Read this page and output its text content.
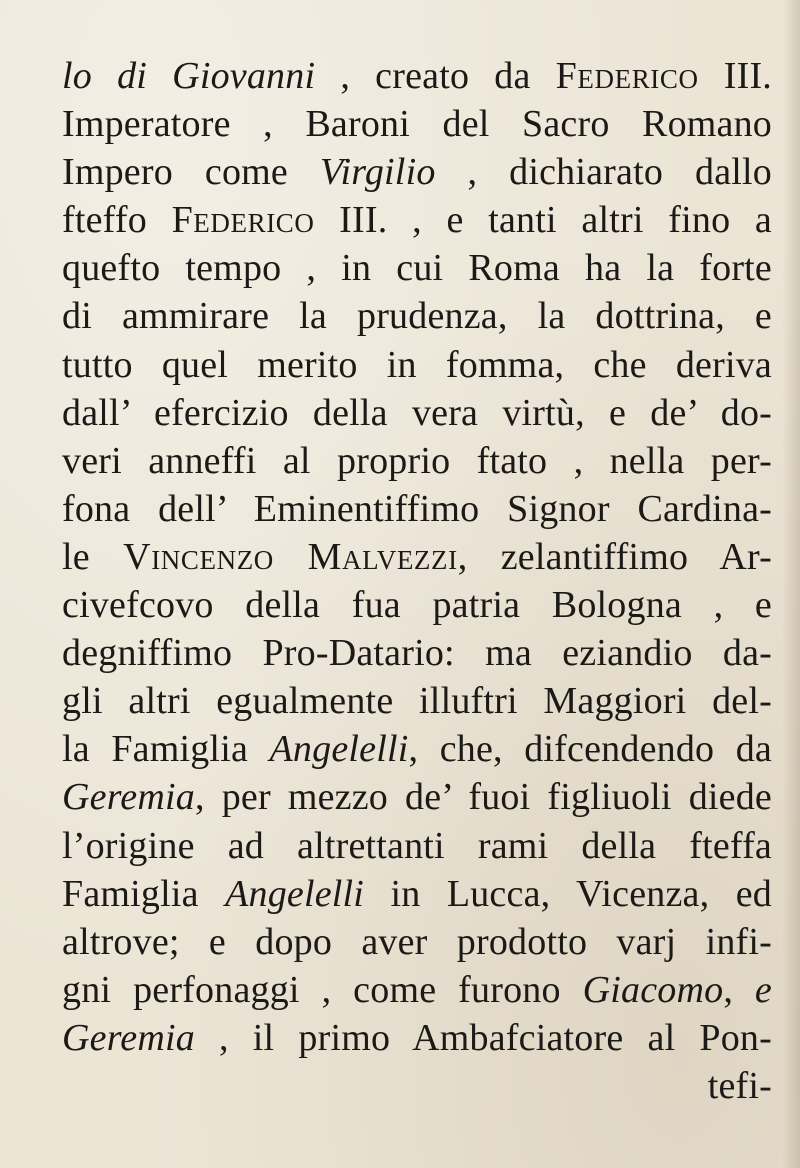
lo di Giovanni , creato da Federico III.
Imperatore , Baroni del Sacro Romano
Impero come Virgilio , dichiarato dallo
fteffo Federico III. , e tanti altri fino a
quefto tempo , in cui Roma ha la forte
di ammirare la prudenza, la dottrina, e
tutto quel merito in fomma, che deriva
dall’ efercizio della vera virtù, e de’ do-
veri anneffi al proprio ftato , nella per-
fona dell’ Eminentiffimo Signor Cardina-
le Vincenzo Malvezzi, zelantiffimo Ar-
civefcovo della fua patria Bologna , e
degniffimo Pro-Datario: ma eziandio da-
gli altri egualmente illuftri Maggiori del-
la Famiglia Angelelli, che, difcendendo da
Geremia, per mezzo de’ fuoi figliuoli diede
l’origine ad altrettanti rami della fteffa
Famiglia Angelelli in Lucca, Vicenza, ed
altrove; e dopo aver prodotto varj infi-
gni perfonaggi , come furono Giacomo, e
Geremia , il primo Ambafciatore al Pon-
tefi-
